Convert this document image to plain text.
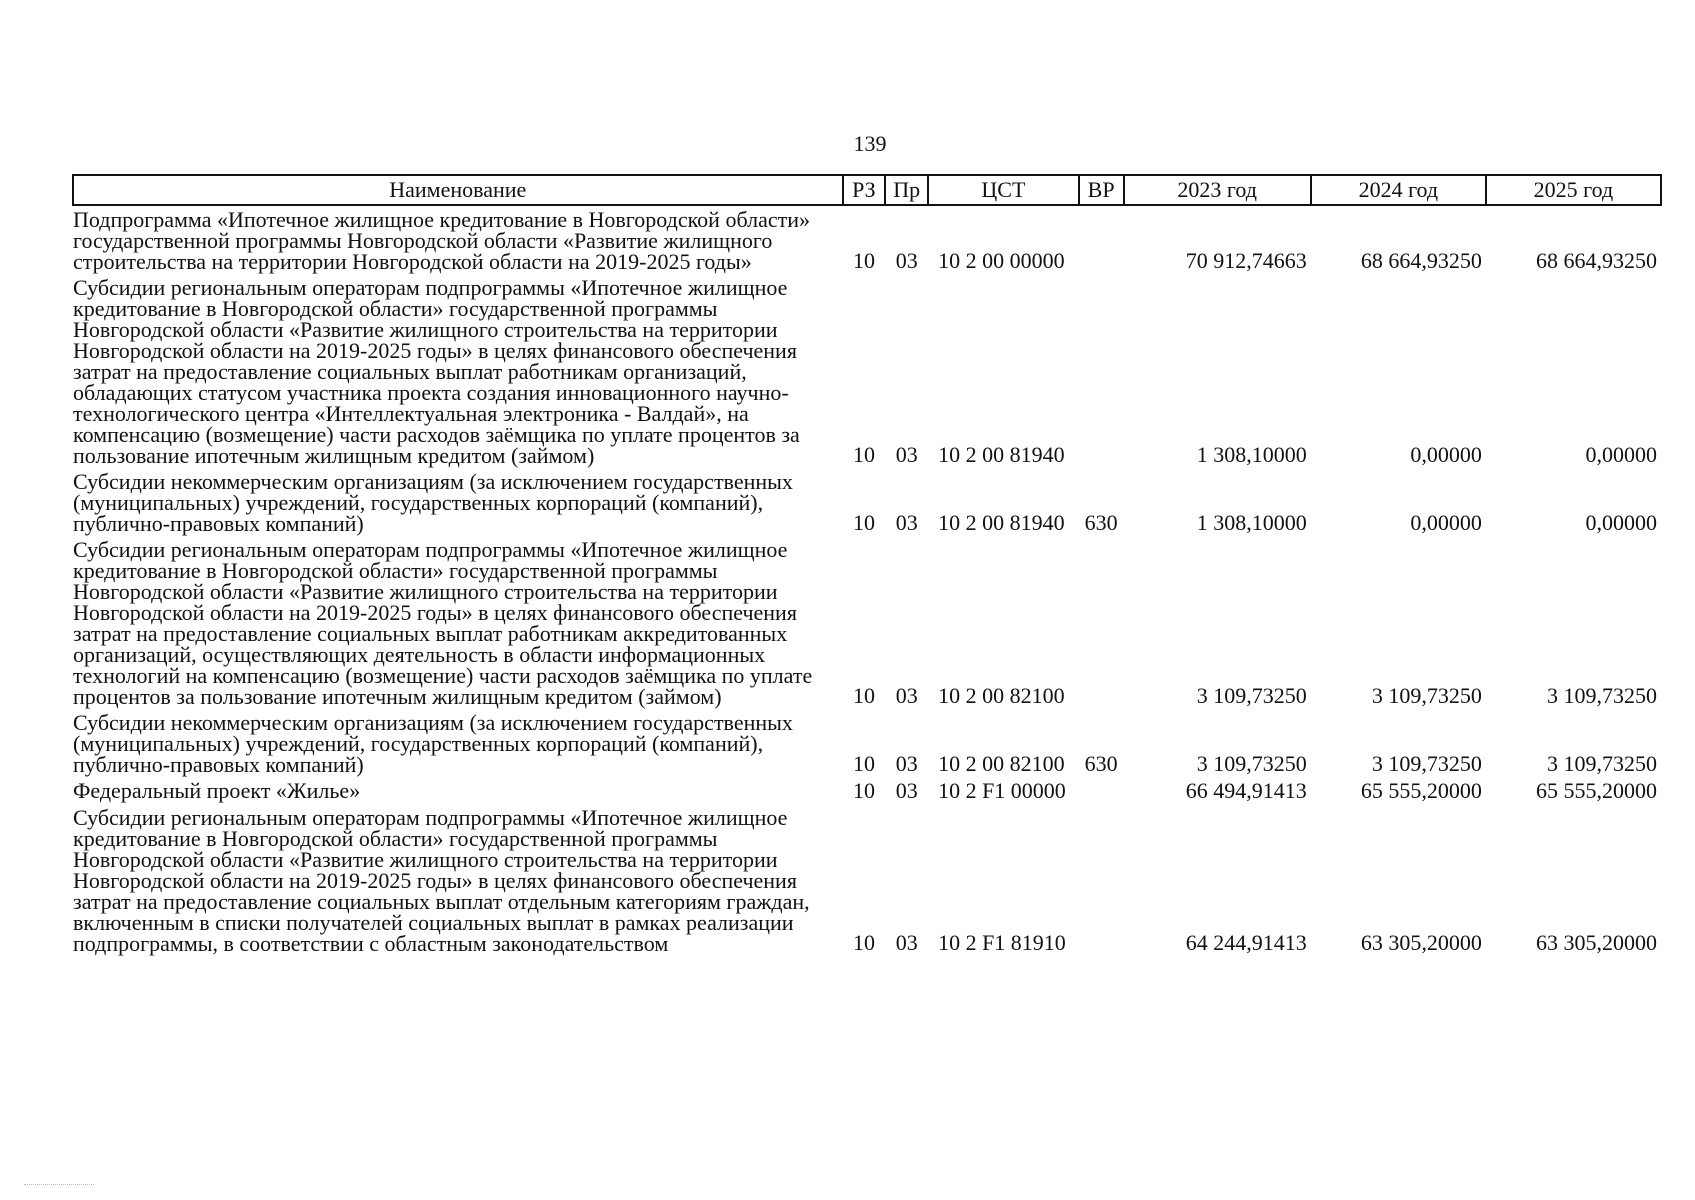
139
Наименование	РЗ	Пр	ЦСТ	ВР	2023 год	2024 год	2025 год
Подпрограмма «Ипотечное жилищное кредитование в Новгородской области» государственной программы Новгородской области «Развитие жилищного строительства на территории Новгородской области на 2019-2025 годы»	10	03	10 2 00 00000		70 912,74663	68 664,93250	68 664,93250
Субсидии региональным операторам подпрограммы «Ипотечное жилищное кредитование в Новгородской области» государственной программы Новгородской области «Развитие жилищного строительства на территории Новгородской области на 2019-2025 годы» в целях финансового обеспечения затрат на предоставление социальных выплат работникам организаций, обладающих статусом участника проекта создания инновационного научно-технологического центра «Интеллектуальная электроника - Валдай», на компенсацию (возмещение) части расходов заёмщика по уплате процентов за пользование ипотечным жилищным кредитом (займом)	10	03	10 2 00 81940		1 308,10000	0,00000	0,00000
Субсидии некоммерческим организациям (за исключением государственных (муниципальных) учреждений, государственных корпораций (компаний), публично-правовых компаний)	10	03	10 2 00 81940	630	1 308,10000	0,00000	0,00000
Субсидии региональным операторам подпрограммы «Ипотечное жилищное кредитование в Новгородской области» государственной программы Новгородской области «Развитие жилищного строительства на территории Новгородской области на 2019-2025 годы» в целях финансового обеспечения затрат на предоставление социальных выплат работникам аккредитованных организаций, осуществляющих деятельность в области информационных технологий на компенсацию (возмещение) части расходов заёмщика по уплате процентов за пользование ипотечным жилищным кредитом (займом)	10	03	10 2 00 82100		3 109,73250	3 109,73250	3 109,73250
Субсидии некоммерческим организациям (за исключением государственных (муниципальных) учреждений, государственных корпораций (компаний), публично-правовых компаний)	10	03	10 2 00 82100	630	3 109,73250	3 109,73250	3 109,73250
Федеральный проект «Жилье»	10	03	10 2 F1 00000		66 494,91413	65 555,20000	65 555,20000
Субсидии региональным операторам подпрограммы «Ипотечное жилищное кредитование в Новгородской области» государственной программы Новгородской области «Развитие жилищного строительства на территории Новгородской области на 2019-2025 годы» в целях финансового обеспечения затрат на предоставление социальных выплат отдельным категориям граждан, включенным в списки получателей социальных выплат в рамках реализации подпрограммы, в соответствии с областным законодательством	10	03	10 2 F1 81910		64 244,91413	63 305,20000	63 305,20000
